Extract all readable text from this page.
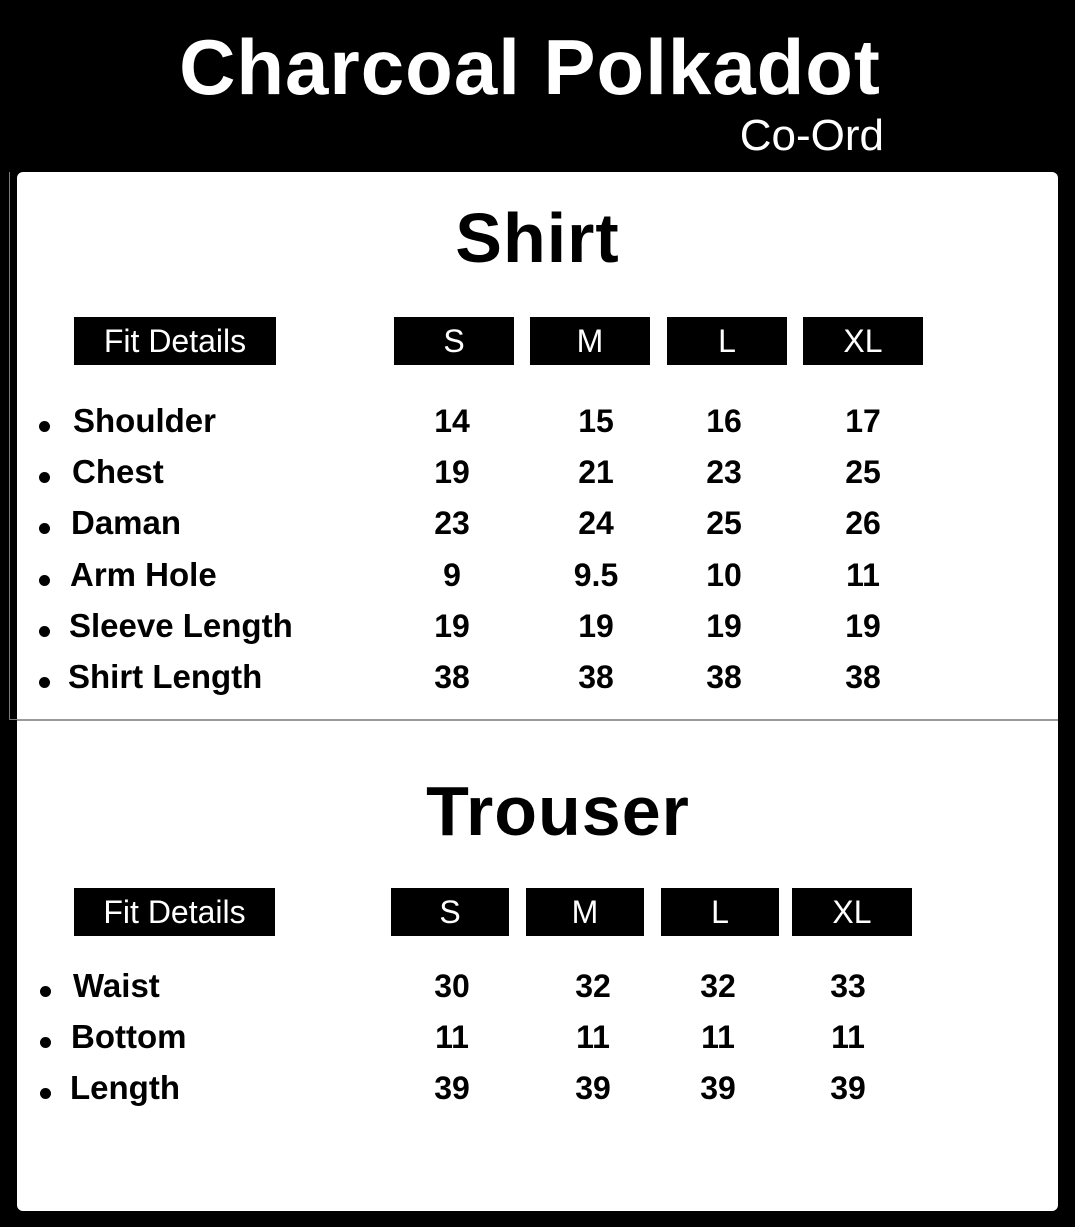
Charcoal Polkadot
Co-Ord
Shirt
Fit Details	S	M	L	XL
Shoulder	14	15	16	17
Chest	19	21	23	25
Daman	23	24	25	26
Arm Hole	9	9.5	10	11
Sleeve Length	19	19	19	19
Shirt Length	38	38	38	38
Trouser
Fit Details	S	M	L	XL
Waist	30	32	32	33
Bottom	11	11	11	11
Length	39	39	39	39
